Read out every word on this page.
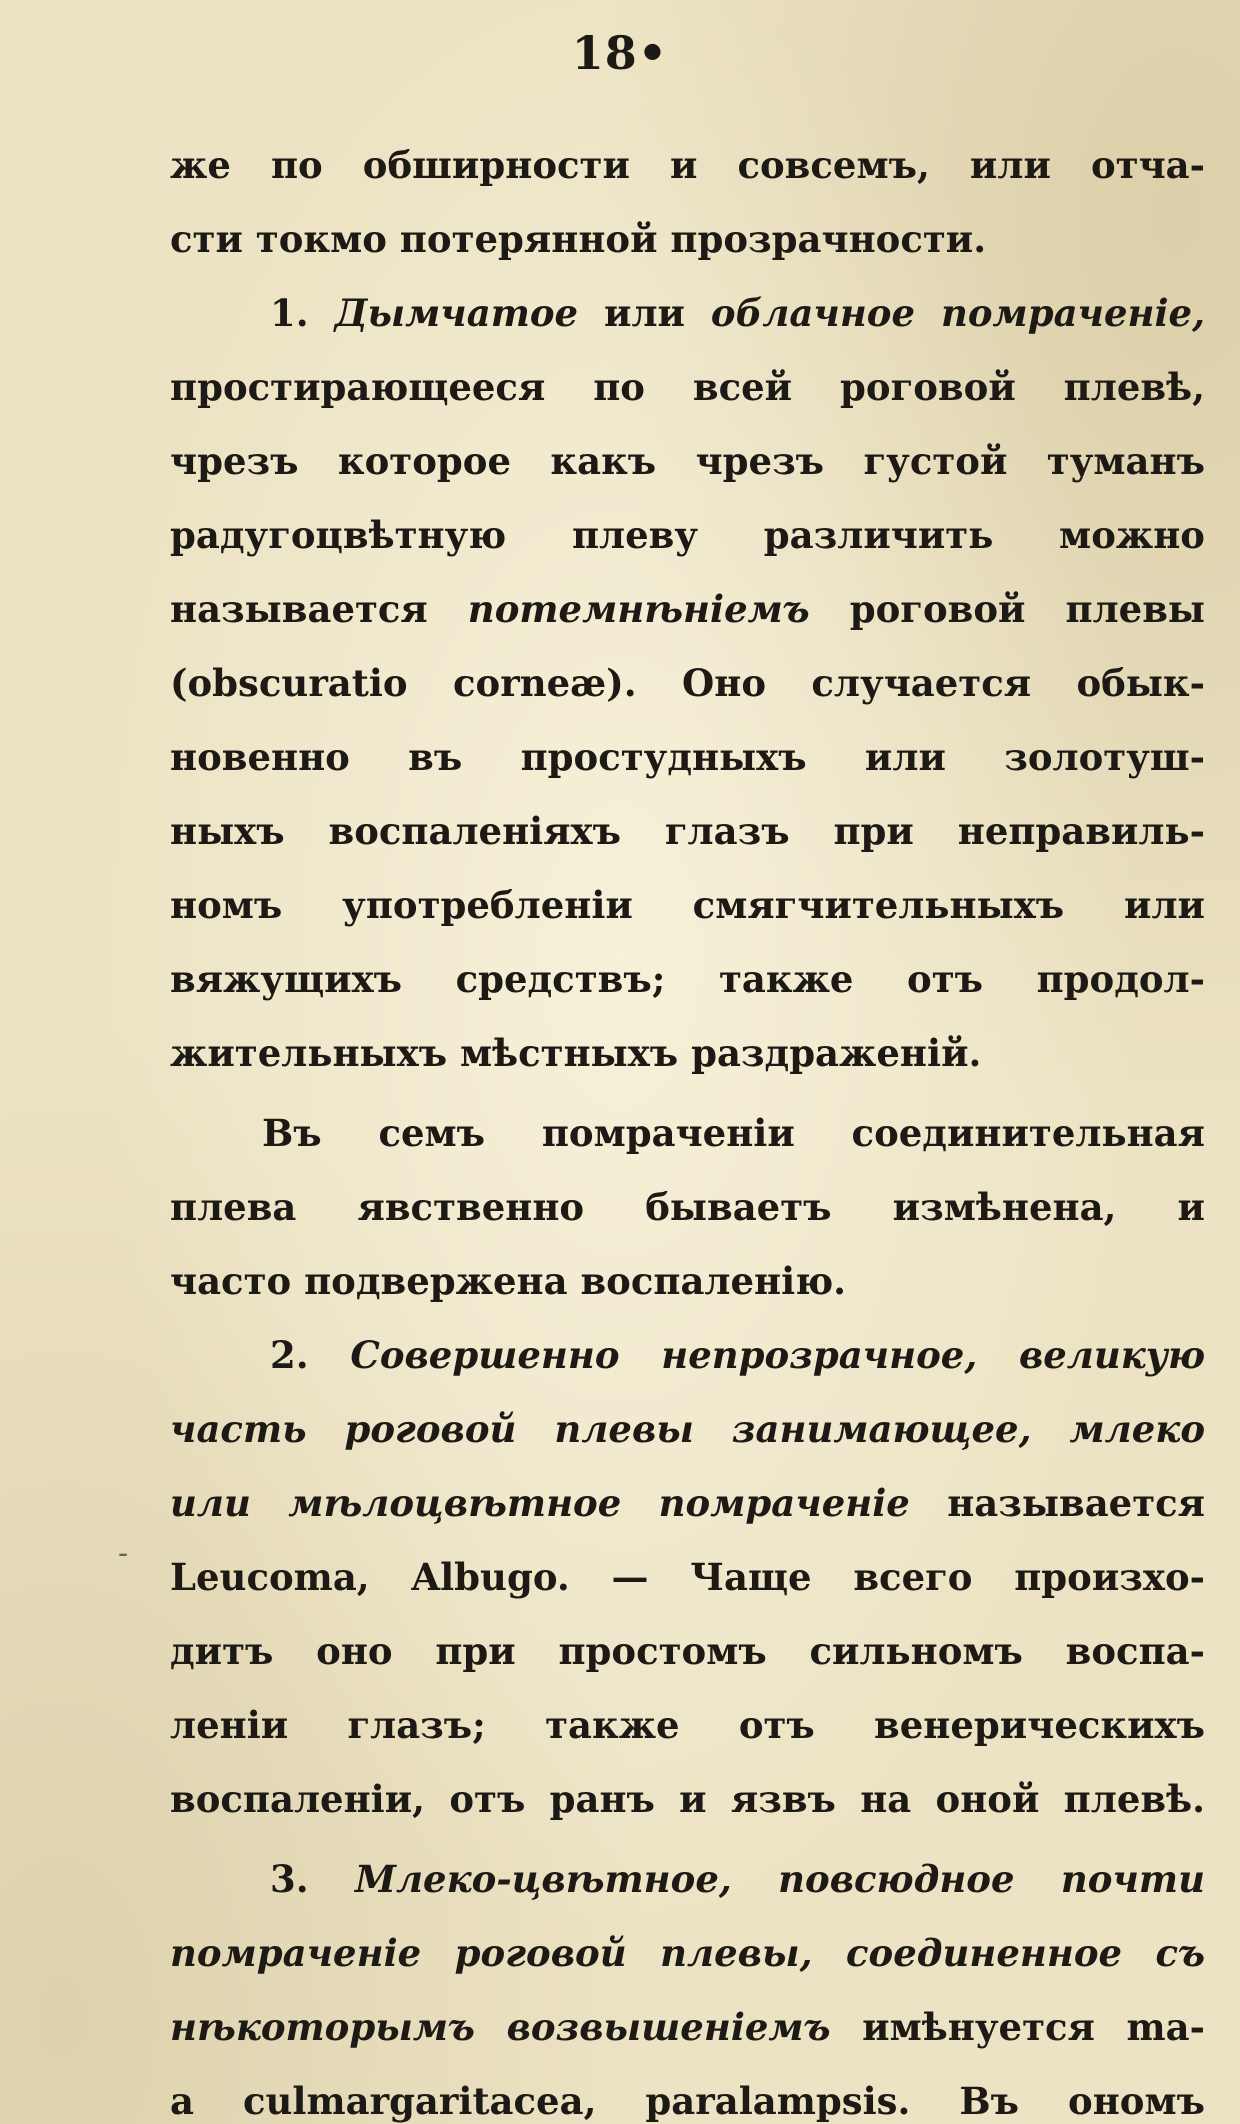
18•
-
же по обширности и совсемъ, или отча-
сти токмо потерянной прозрачности.
1. Дымчатое или облачное помраченіе,
простирающееся по всей роговой плевѣ,
чрезъ которое какъ чрезъ густой туманъ
радугоцвѣтную плеву различить можно
называется потемнѣніемъ роговой плевы
(obscuratio corneæ). Оно случается обык-
новенно въ простудныхъ или золотуш-
ныхъ воспаленіяхъ глазъ при неправиль-
номъ употребленіи смягчительныхъ или
вяжущихъ средствъ; также отъ продол-
жительныхъ мѣстныхъ раздраженій.
Въ семъ помраченіи соединительная
плева явственно бываетъ измѣнена, и
часто подвержена воспаленію.
2. Совершенно непрозрачное, великую
часть роговой плевы занимающее, млеко
или мѣлоцвѣтное помраченіе называется
Leucoma, Albugo. — Чаще всего произхо-
дитъ оно при простомъ сильномъ воспа-
леніи глазъ; также отъ венерическихъ
воспаленіи, отъ ранъ и язвъ на оной плевѣ.
3. Млеко-цвѣтное, повсюдное почти
помраченіе роговой плевы, соединенное съ
нѣкоторымъ возвышеніемъ имѣнуется ma-
a culmargaritacea, paralampsis. Въ ономъ
